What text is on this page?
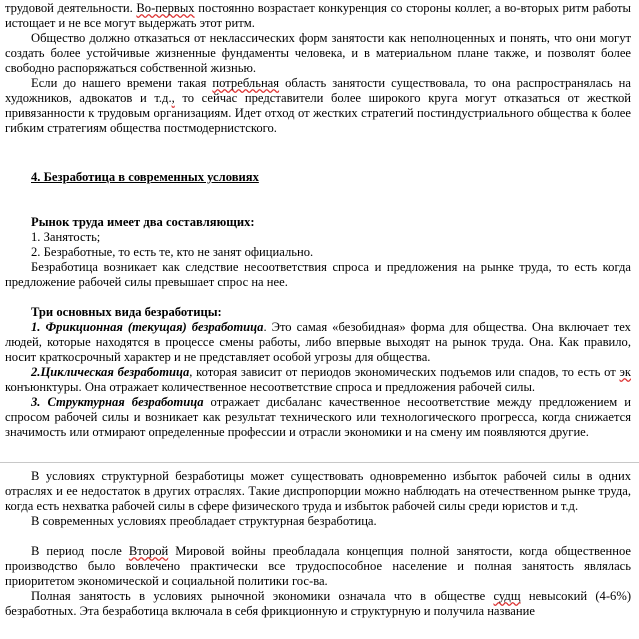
трудовой деятельности. Во-первых постоянно возрастает конкуренция со стороны коллег, а во-вторых ритм работы истощает и не все могут выдержать этот ритм.

Общество должно отказаться от неклассических форм занятости как неполноценных и понять, что они могут создать более устойчивые жизненные фундаменты человека, и в материальном плане также, и позволят более свободно распоряжаться собственной жизнью.

Если до нашего времени такая потребльная область занятости существовала, то она распространялась на художников, адвокатов и т.д., то сейчас представители более широкого круга могут отказаться от жесткой привязанности к трудовым организациям. Идет отход от жестких стратегий постиндустриального общества к более гибким стратегиям общества постмодернистского.

4. Безработица в современных условиях

Рынок труда имеет два составляющих:

1. Занятость;

2. Безработные, то есть те, кто не занят официально.

Безработица возникает как следствие несоответствия спроса и предложения на рынке труда, то есть когда предложение рабочей силы превышает спрос на нее.

Три основных вида безработицы:

1. Фрикционная (текущая) безработица. Это самая «безобидная» форма для общества. Она включает тех людей, которые находятся в процессе смены работы, либо впервые выходят на рынок труда. Она. Как правило, носит краткосрочный характер и не представляет особой угрозы для общества.

2.Циклическая безработица, которая зависит от периодов экономических подъемов или спадов, то есть от эк конъюнктуры. Она отражает количественное несоответствие спроса и предложения рабочей силы.

3. Структурная безработица отражает дисбаланс качественное несоответствие между предложением и спросом рабочей силы и возникает как результат технического или технологического прогресса, когда снижается значимость или отмирают определенные профессии и отрасли экономики и на смену им появляются другие.

В условиях структурной безработицы может существовать одновременно избыток рабочей силы в одних отраслях и ее недостаток в других отраслях. Такие диспропорции можно наблюдать на отечественном рынке труда, когда есть нехватка рабочей силы в сфере физического труда и избыток рабочей силы среди юристов и т.д.

В современных условиях преобладает структурная безработица.

В период после Второй Мировой войны преобладала концепция полной занятости, когда общественное производство было вовлечено практически все трудоспособное население и полная занятость являлась приоритетом экономической и социальной политики гос-ва.

Полная занятость в условиях рыночной экономики означала что в обществе судщ невысокий (4-6%) безработных. Эта безработица включала в себя фрикционную и структурную и получила название
